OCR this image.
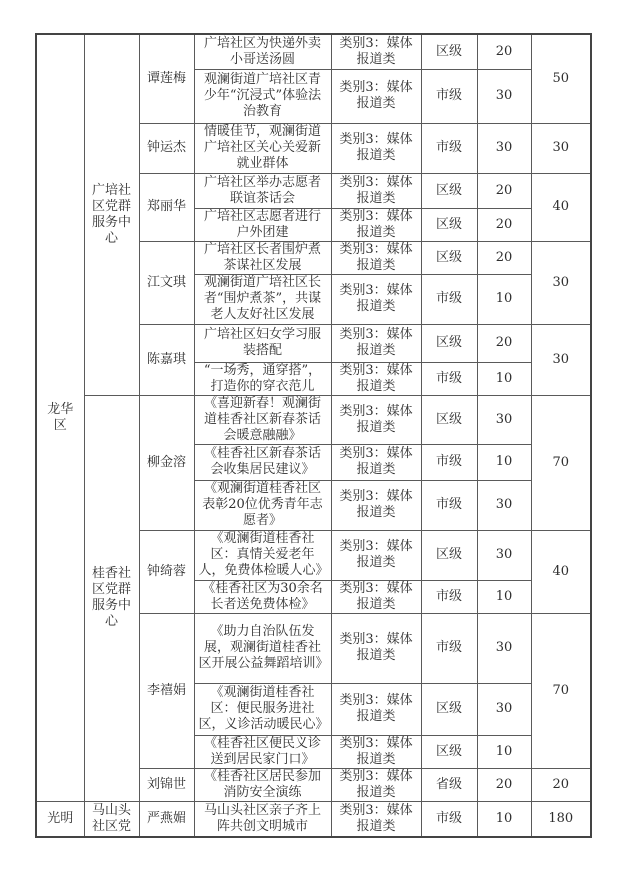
龙华区	广培社区党群服务中心	谭莲梅	广培社区为快递外卖小哥送汤圆	类别3：媒体报道类	区级	20	50
			观澜街道广培社区青少年“沉浸式”体验法治教育	类别3：媒体报道类	市级	30	
		钟运杰	情暖佳节，观澜街道广培社区关心关爱新就业群体	类别3：媒体报道类	市级	30	30
		郑丽华	广培社区举办志愿者联谊茶话会	类别3：媒体报道类	区级	20	40
			广培社区志愿者进行户外团建	类别3：媒体报道类	区级	20	
		江文琪	广培社区长者围炉煮茶谋社区发展	类别3：媒体报道类	区级	20	30
			观澜街道广培社区长者“围炉煮茶”，共谋老人友好社区发展	类别3：媒体报道类	市级	10	
		陈嘉琪	广培社区妇女学习服装搭配	类别3：媒体报道类	区级	20	30
			“一场秀，通穿搭”，打造你的穿衣范儿	类别3：媒体报道类	市级	10	
	桂香社区党群服务中心	柳金溶	《喜迎新春！观澜街道桂香社区新春茶话会暖意融融》	类别3：媒体报道类	区级	30	70
			《桂香社区新春茶话会收集居民建议》	类别3：媒体报道类	市级	10	
			《观澜街道桂香社区表彰20位优秀青年志愿者》	类别3：媒体报道类	市级	30	
		钟绮蓉	《观澜街道桂香社区：真情关爱老年人，免费体检暖人心》	类别3：媒体报道类	区级	30	40
			《桂香社区为30余名长者送免费体检》	类别3：媒体报道类	市级	10	
		李禧娟	《助力自治队伍发展，观澜街道桂香社区开展公益舞蹈培训》	类别3：媒体报道类	市级	30	70
			《观澜街道桂香社区：便民服务进社区，义诊活动暖民心》	类别3：媒体报道类	区级	30	
			《桂香社区便民义诊送到居民家门口》	类别3：媒体报道类	区级	10	
		刘锦世	《桂香社区居民参加消防安全演练	类别3：媒体报道类	省级	20	20
光明	马山头社区党	严燕媚	马山头社区亲子齐上阵共创文明城市	类别3：媒体报道类	市级	10	180
